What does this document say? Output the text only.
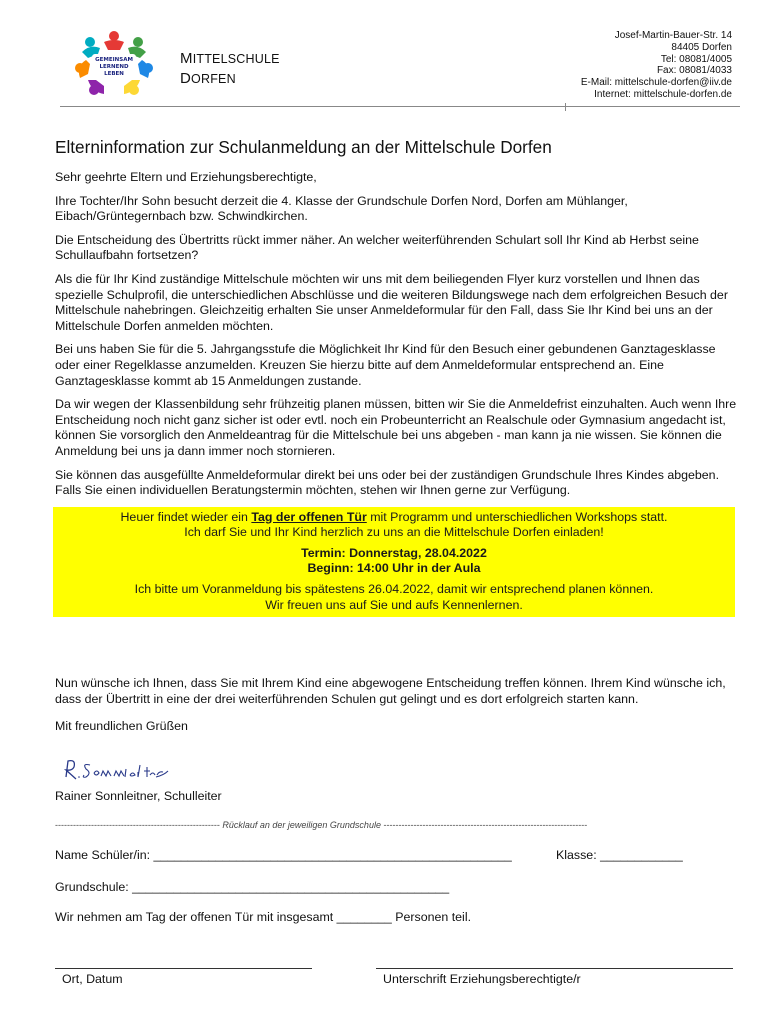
GEMEINSAM
LERNEND
LEBEN
MITTELSCHULE
DORFEN
Josef-Martin-Bauer-Str. 14
84405 Dorfen
Tel: 08081/4005
Fax: 08081/4033
E-Mail: mittelschule-dorfen@iiv.de
Internet: mittelschule-dorfen.de
Elterninformation zur Schulanmeldung an der Mittelschule Dorfen

Sehr geehrte Eltern und Erziehungsberechtigte,

Ihre Tochter/Ihr Sohn besucht derzeit die 4. Klasse der Grundschule Dorfen Nord, Dorfen am Mühlanger, Eibach/Grüntegernbach bzw. Schwindkirchen.

Die Entscheidung des Übertritts rückt immer näher. An welcher weiterführenden Schulart soll Ihr Kind ab Herbst seine Schullaufbahn fortsetzen?

Als die für Ihr Kind zuständige Mittelschule möchten wir uns mit dem beiliegenden Flyer kurz vorstellen und Ihnen das spezielle Schulprofil, die unterschiedlichen Abschlüsse und die weiteren Bildungswege nach dem erfolgreichen Besuch der Mittelschule nahebringen. Gleichzeitig erhalten Sie unser Anmeldeformular für den Fall, dass Sie Ihr Kind bei uns an der Mittelschule Dorfen anmelden möchten.

Bei uns haben Sie für die 5. Jahrgangsstufe die Möglichkeit Ihr Kind für den Besuch einer gebundenen Ganztagesklasse oder einer Regelklasse anzumelden. Kreuzen Sie hierzu bitte auf dem Anmeldeformular entsprechend an. Eine Ganztagesklasse kommt ab 15 Anmeldungen zustande.

Da wir wegen der Klassenbildung sehr frühzeitig planen müssen, bitten wir Sie die Anmeldefrist einzuhalten. Auch wenn Ihre Entscheidung noch nicht ganz sicher ist oder evtl. noch ein Probeunterricht an Realschule oder Gymnasium angedacht ist, können Sie vorsorglich den Anmeldeantrag für die Mittelschule bei uns abgeben - man kann ja nie wissen. Sie können die Anmeldung bei uns ja dann immer noch stornieren.

Sie können das ausgefüllte Anmeldeformular direkt bei uns oder bei der zuständigen Grundschule Ihres Kindes abgeben. Falls Sie einen individuellen Beratungstermin möchten, stehen wir Ihnen gerne zur Verfügung.

Heuer findet wieder ein Tag der offenen Tür mit Programm und unterschiedlichen Workshops statt.
Ich darf Sie und Ihr Kind herzlich zu uns an die Mittelschule Dorfen einladen!
Termin: Donnerstag, 28.04.2022
Beginn: 14:00 Uhr in der Aula
Ich bitte um Voranmeldung bis spätestens 26.04.2022, damit wir entsprechend planen können.
Wir freuen uns auf Sie und aufs Kennenlernen.

Nun wünsche ich Ihnen, dass Sie mit Ihrem Kind eine abgewogene Entscheidung treffen können. Ihrem Kind wünsche ich, dass der Übertritt in eine der drei weiterführenden Schulen gut gelingt und es dort erfolgreich starten kann.

Mit freundlichen Grüßen

Rainer Sonnleitner, Schulleiter
------------------------------------------------------- Rücklauf an der jeweiligen Grundschule --------------------------------------------------------------------
Name Schüler/in: ____________________________________________________	Klasse: ____________
Grundschule: ______________________________________________
Wir nehmen am Tag der offenen Tür mit insgesamt ________ Personen teil.
Ort, Datum	Unterschrift Erziehungsberechtigte/r
